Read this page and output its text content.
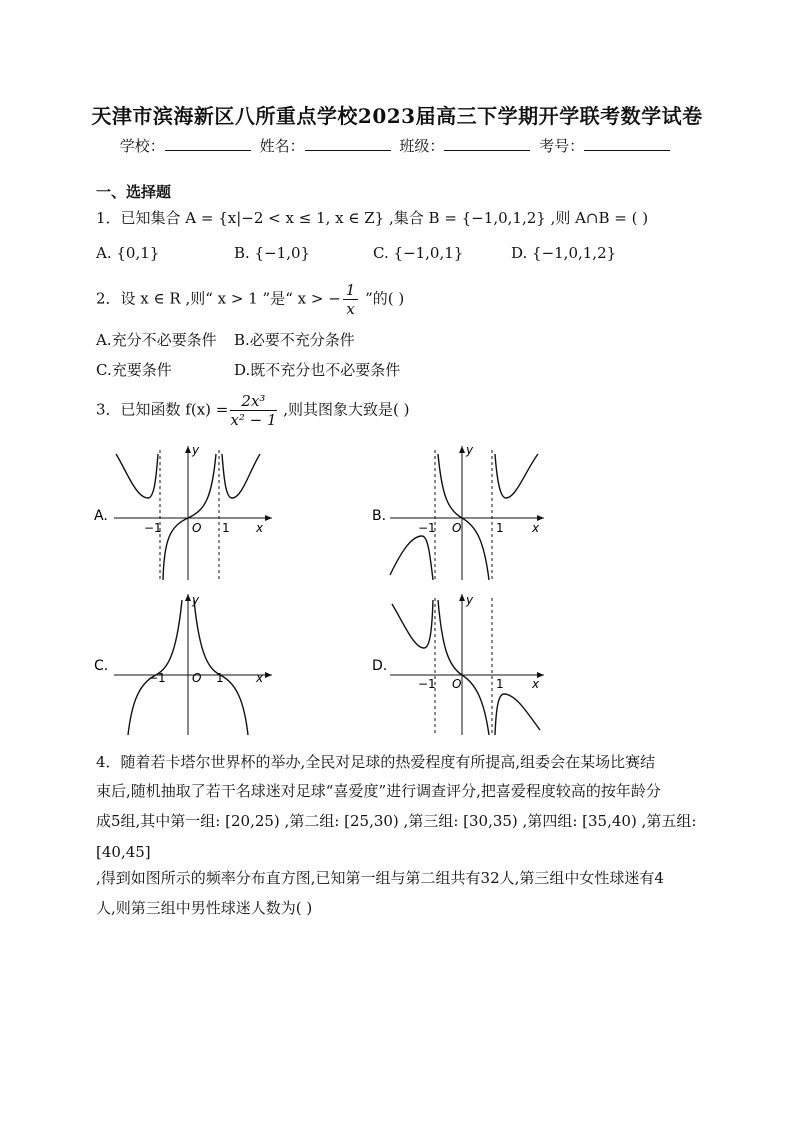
天津市滨海新区八所重点学校2023届高三下学期开学联考数学试卷
学校：	姓名：	班级：	考号：
一、选择题
1．已知集合 A = {x|−2 < x ≤ 1, x ∈ Z} ,集合 B = {−1,0,1,2} ,则 A∩B = ( )
A. {0,1}	B. {−1,0}	C. {−1,0,1}	D. {−1,0,1,2}
2．设 x ∈ R ,则“ x > 1 ”是“ x > − $\frac{1}{x}$ ”的( )
A.充分不必要条件 B.必要不充分条件
C.充要条件	D.既不充分也不必要条件
3．已知函数 $f(x) = \frac{\text{2x³}}{\text{x² − 1}}$ ,则其图象大致是( )
A.
y
x
O
−1	1
B.
y
x
O
−1	1
C.
y
x
O
−1	1
D.
y
x
O
−1	1
4．随着若卡塔尔世界杯的举办,全民对足球的热爱程度有所提高,组委会在某场比赛结
束后,随机抽取了若干名球迷对足球“喜爱度”进行调查评分,把喜爱程度较高的按年龄分
成5组,其中第一组: [20,25) ,第二组: [25,30) ,第三组: [30,35) ,第四组: [35,40) ,第五组:
[40,45]
,得到如图所示的频率分布直方图,已知第一组与第二组共有32人,第三组中女性球迷有4
人,则第三组中男性球迷人数为( )
